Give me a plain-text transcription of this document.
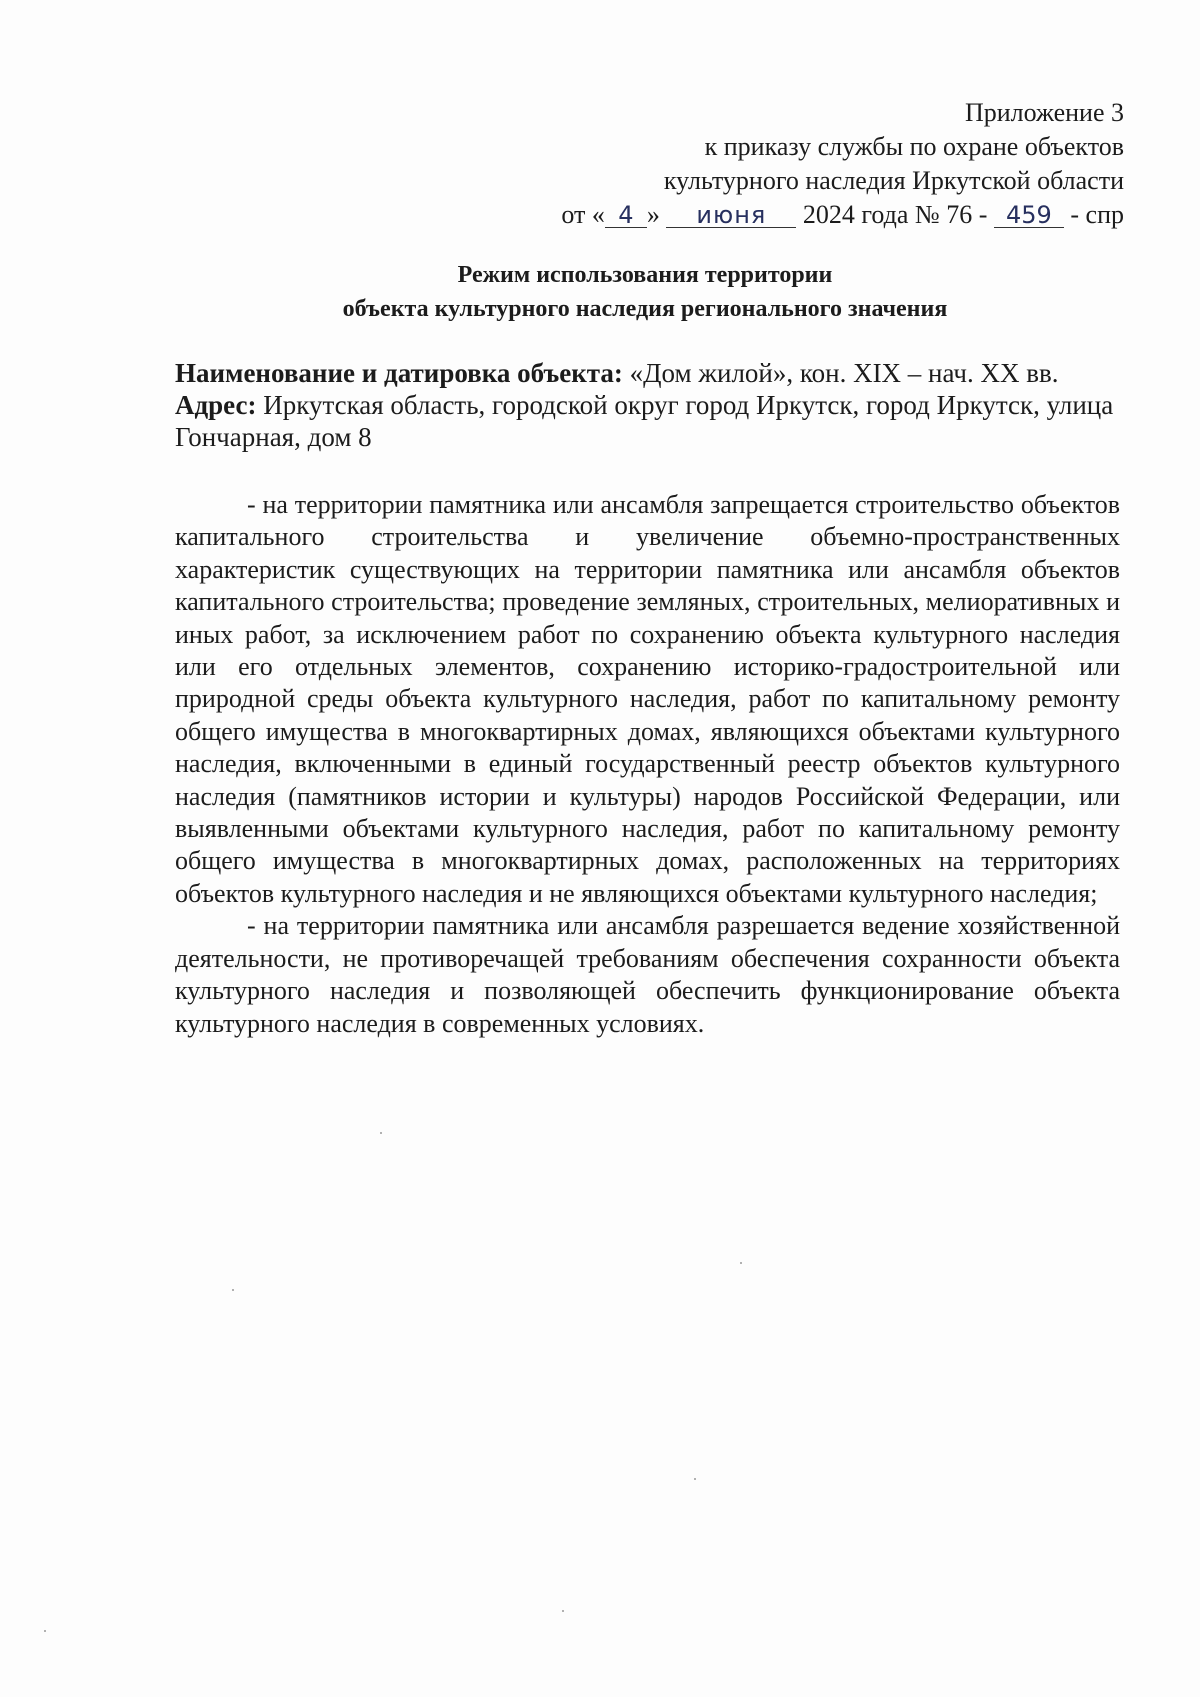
Приложение 3
к приказу службы по охране объектов
культурного наследия Иркутской области
от « 4 » июня 2024 года № 76 - 459 - спр
Режим использования территории
объекта культурного наследия регионального значения

Наименование и датировка объекта: «Дом жилой», кон. XIX – нач. XX вв.

Адрес: Иркутская область, городской округ город Иркутск, город Иркутск, улица Гончарная, дом 8

- на территории памятника или ансамбля запрещается строительство объектов капитального строительства и увеличение объемно-пространственных характеристик существующих на территории памятника или ансамбля объектов капитального строительства; проведение земляных, строительных, мелиоративных и иных работ, за исключением работ по сохранению объекта культурного наследия или его отдельных элементов, сохранению историко-градостроительной или природной среды объекта культурного наследия, работ по капитальному ремонту общего имущества в многоквартирных домах, являющихся объектами культурного наследия, включенными в единый государственный реестр объектов культурного наследия (памятников истории и культуры) народов Российской Федерации, или выявленными объектами культурного наследия, работ по капитальному ремонту общего имущества в многоквартирных домах, расположенных на территориях объектов культурного наследия и не являющихся объектами культурного наследия;

- на территории памятника или ансамбля разрешается ведение хозяйственной деятельности, не противоречащей требованиям обеспечения сохранности объекта культурного наследия и позволяющей обеспечить функционирование объекта культурного наследия в современных условиях.
